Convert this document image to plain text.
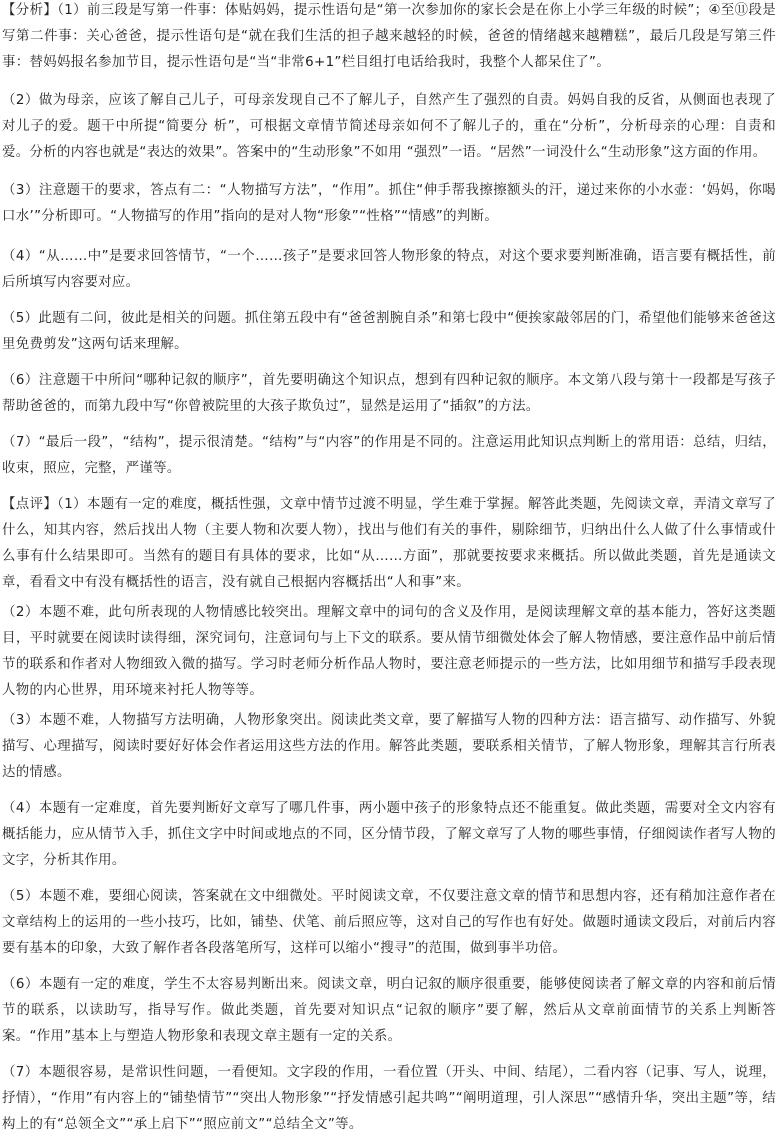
【分析】（1）前三段是写第一件事：体贴妈妈，提示性语句是“第一次参加你的家长会是在你上小学三年级的时候”；④至⑪段是写第二件事：关心爸爸，提示性语句是“就在我们生活的担子越来越轻的时候，爸爸的情绪越来越糟糕”，最后几段是写第三件事：替妈妈报名参加节目，提示性语句是“当“非常6+1”栏目组打电话给我时，我整个人都呆住了”。

（2）做为母亲，应该了解自己儿子，可母亲发现自己不了解儿子，自然产生了强烈的自责。妈妈自我的反省，从侧面也表现了对儿子的爱。题干中所提“简要分 析”，可根据文章情节简述母亲如何不了解儿子的，重在“分析”，分析母亲的心理：自责和爱。分析的内容也就是“表达的效果”。答案中的“生动形象”不如用 “强烈”一语。“居然”一词没什么“生动形象”这方面的作用。

（3）注意题干的要求，答点有二：“人物描写方法”，“作用”。抓住“伸手帮我擦擦额头的汗，递过来你的小水壶：‘妈妈，你喝口水’”分析即可。“人物描写的作用”指向的是对人物“形象”“性格”“情感”的判断。

（4）“从……中”是要求回答情节，“一个……孩子”是要求回答人物形象的特点，对这个要求要判断准确，语言要有概括性，前后所填写内容要对应。

（5）此题有二问，彼此是相关的问题。抓住第五段中有“爸爸割腕自杀”和第七段中“便挨家敲邻居的门，希望他们能够来爸爸这里免费剪发”这两句话来理解。

（6）注意题干中所问“哪种记叙的顺序”，首先要明确这个知识点，想到有四种记叙的顺序。本文第八段与第十一段都是写孩子帮助爸爸的，而第九段中写“你曾被院里的大孩子欺负过”，显然是运用了“插叙”的方法。

（7）“最后一段”，“结构”，提示很清楚。“结构”与“内容”的作用是不同的。注意运用此知识点判断上的常用语：总结，归结，收束，照应，完整，严谨等。

【点评】（1）本题有一定的难度，概括性强，文章中情节过渡不明显，学生难于掌握。解答此类题，先阅读文章，弄清文章写了什么，知其内容，然后找出人物（主要人物和次要人物），找出与他们有关的事件，剔除细节，归纳出什么人做了什么事情或什么事有什么结果即可。当然有的题目有具体的要求，比如“从……方面”，那就要按要求来概括。所以做此类题，首先是通读文章，看看文中有没有概括性的语言，没有就自己根据内容概括出“人和事”来。

（2）本题不难，此句所表现的人物情感比较突出。理解文章中的词句的含义及作用，是阅读理解文章的基本能力，答好这类题目，平时就要在阅读时读得细，深究词句，注意词句与上下文的联系。要从情节细微处体会了解人物情感，要注意作品中前后情节的联系和作者对人物细致入微的描写。学习时老师分析作品人物时，要注意老师提示的一些方法，比如用细节和描写手段表现人物的内心世界，用环境来衬托人物等等。

（3）本题不难，人物描写方法明确，人物形象突出。阅读此类文章，要了解描写人物的四种方法：语言描写、动作描写、外貌描写、心理描写，阅读时要好好体会作者运用这些方法的作用。解答此类题，要联系相关情节，了解人物形象，理解其言行所表达的情感。

（4）本题有一定难度，首先要判断好文章写了哪几件事，两小题中孩子的形象特点还不能重复。做此类题，需要对全文内容有概括能力，应从情节入手，抓住文字中时间或地点的不同，区分情节段，了解文章写了人物的哪些事情，仔细阅读作者写人物的文字，分析其作用。

（5）本题不难，要细心阅读，答案就在文中细微处。平时阅读文章，不仅要注意文章的情节和思想内容，还有稍加注意作者在文章结构上的运用的一些小技巧，比如，铺垫、伏笔、前后照应等，这对自己的写作也有好处。做题时通读文段后，对前后内容要有基本的印象，大致了解作者各段落笔所写，这样可以缩小“搜寻”的范围，做到事半功倍。

（6）本题有一定的难度，学生不太容易判断出来。阅读文章，明白记叙的顺序很重要，能够使阅读者了解文章的内容和前后情节的联系，以读助写，指导写作。做此类题，首先要对知识点“记叙的顺序”要了解，然后从文章前面情节的关系上判断答案。“作用”基本上与塑造人物形象和表现文章主题有一定的关系。

（7）本题很容易，是常识性问题，一看便知。文字段的作用，一看位置（开头、中间、结尾），二看内容（记事、写人，说理，抒情），“作用”有内容上的“铺垫情节”“突出人物形象”“抒发情感引起共鸣”“阐明道理，引人深思”“感情升华，突出主题”等，结构上的有“总领全文”“承上启下”“照应前文”“总结全文”等。
